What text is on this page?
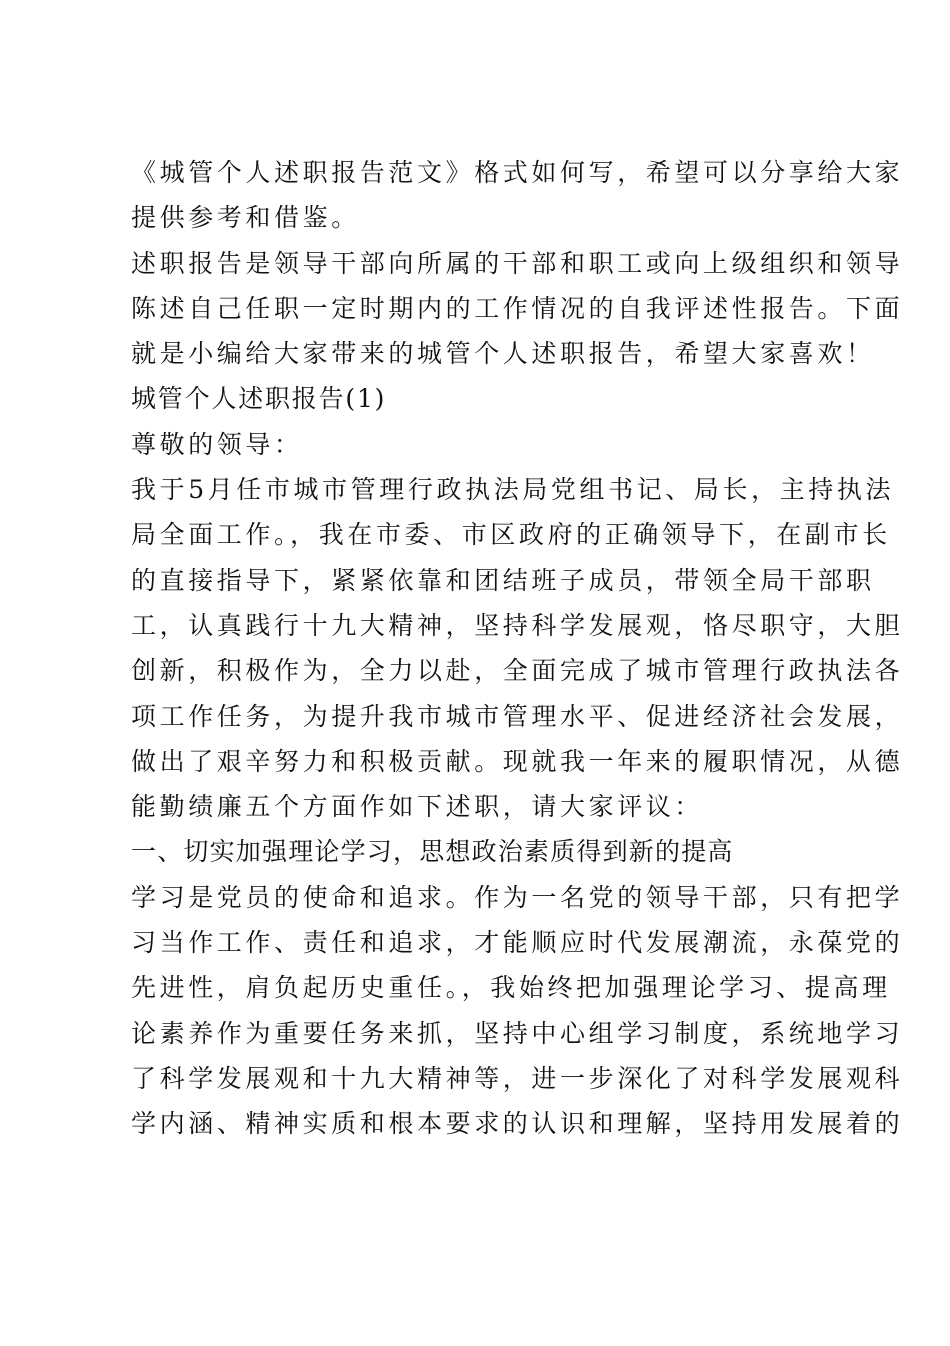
《城管个人述职报告范文》格式如何写，希望可以分享给大家
提供参考和借鉴。
述职报告是领导干部向所属的干部和职工或向上级组织和领导
陈述自己任职一定时期内的工作情况的自我评述性报告。下面
就是小编给大家带来的城管个人述职报告，希望大家喜欢！
城管个人述职报告(1)
尊敬的领导：
我于5月任市城市管理行政执法局党组书记、局长，主持执法
局全面工作。，我在市委、市区政府的正确领导下，在副市长
的直接指导下，紧紧依靠和团结班子成员，带领全局干部职
工，认真践行十九大精神，坚持科学发展观，恪尽职守，大胆
创新，积极作为，全力以赴，全面完成了城市管理行政执法各
项工作任务，为提升我市城市管理水平、促进经济社会发展，
做出了艰辛努力和积极贡献。现就我一年来的履职情况，从德
能勤绩廉五个方面作如下述职，请大家评议：
一、切实加强理论学习，思想政治素质得到新的提高
学习是党员的使命和追求。作为一名党的领导干部，只有把学
习当作工作、责任和追求，才能顺应时代发展潮流，永葆党的
先进性，肩负起历史重任。，我始终把加强理论学习、提高理
论素养作为重要任务来抓，坚持中心组学习制度，系统地学习
了科学发展观和十九大精神等，进一步深化了对科学发展观科
学内涵、精神实质和根本要求的认识和理解，坚持用发展着的
